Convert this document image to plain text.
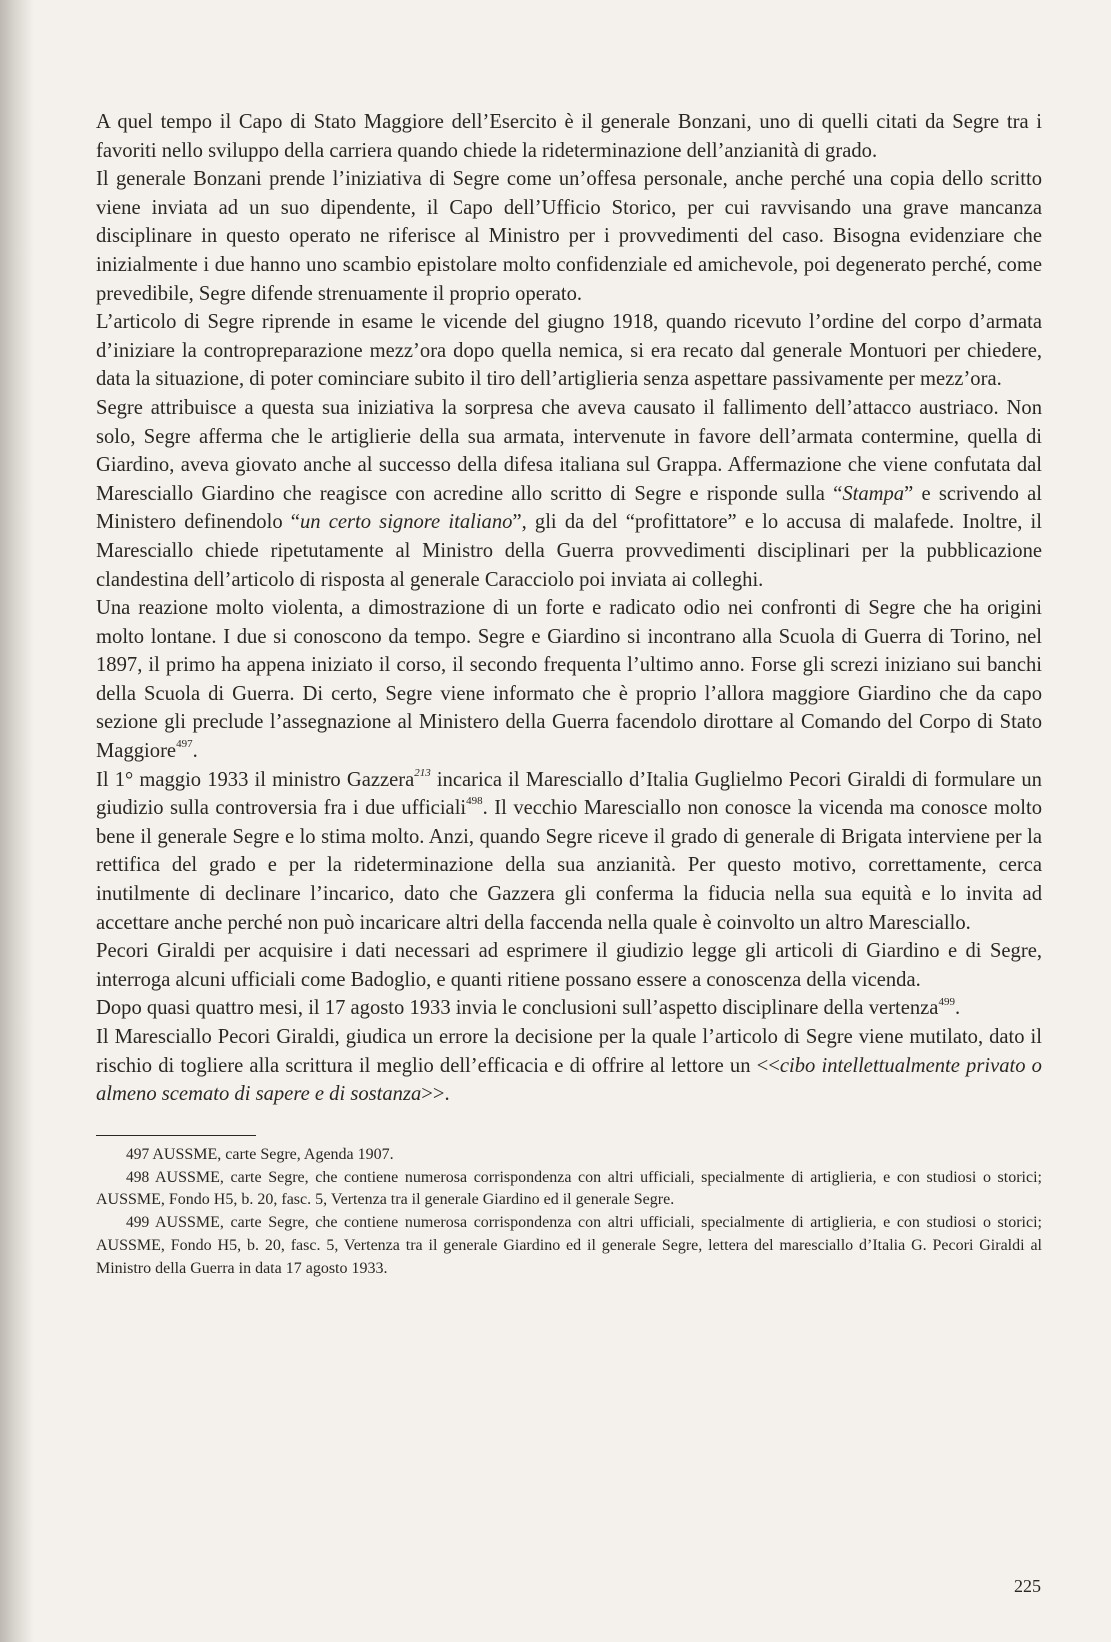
A quel tempo il Capo di Stato Maggiore dell’Esercito è il generale Bonzani, uno di quelli citati da Segre tra i favoriti nello sviluppo della carriera quando chiede la rideterminazione dell’anzianità di grado.

Il generale Bonzani prende l’iniziativa di Segre come un’offesa personale, anche perché una copia dello scritto viene inviata ad un suo dipendente, il Capo dell’Ufficio Storico, per cui ravvisando una grave mancanza disciplinare in questo operato ne riferisce al Ministro per i provvedimenti del caso. Bisogna evidenziare che inizialmente i due hanno uno scambio epistolare molto confidenziale ed amichevole, poi degenerato perché, come prevedibile, Segre difende strenuamente il proprio operato.

L’articolo di Segre riprende in esame le vicende del giugno 1918, quando ricevuto l’ordine del corpo d’armata d’iniziare la contropreparazione mezz’ora dopo quella nemica, si era recato dal generale Montuori per chiedere, data la situazione, di poter cominciare subito il tiro dell’artiglieria senza aspettare passivamente per mezz’ora.

Segre attribuisce a questa sua iniziativa la sorpresa che aveva causato il fallimento dell’attacco austriaco. Non solo, Segre afferma che le artiglierie della sua armata, intervenute in favore dell’armata contermine, quella di Giardino, aveva giovato anche al successo della difesa italiana sul Grappa. Affermazione che viene confutata dal Maresciallo Giardino che reagisce con acredine allo scritto di Segre e risponde sulla “Stampa” e scrivendo al Ministero definendolo “un certo signore italiano”, gli da del “profittatore” e lo accusa di malafede. Inoltre, il Maresciallo chiede ripetutamente al Ministro della Guerra provvedimenti disciplinari per la pubblicazione clandestina dell’articolo di risposta al generale Caracciolo poi inviata ai colleghi.

Una reazione molto violenta, a dimostrazione di un forte e radicato odio nei confronti di Segre che ha origini molto lontane. I due si conoscono da tempo. Segre e Giardino si incontrano alla Scuola di Guerra di Torino, nel 1897, il primo ha appena iniziato il corso, il secondo frequenta l’ultimo anno. Forse gli screzi iniziano sui banchi della Scuola di Guerra. Di certo, Segre viene informato che è proprio l’allora maggiore Giardino che da capo sezione gli preclude l’assegnazione al Ministero della Guerra facendolo dirottare al Comando del Corpo di Stato Maggiore$^{497}$.

Il 1° maggio 1933 il ministro Gazzera$^{213}$ incarica il Maresciallo d’Italia Guglielmo Pecori Giraldi di formulare un giudizio sulla controversia fra i due ufficiali$^{498}$. Il vecchio Maresciallo non conosce la vicenda ma conosce molto bene il generale Segre e lo stima molto. Anzi, quando Segre riceve il grado di generale di Brigata interviene per la rettifica del grado e per la rideterminazione della sua anzianità. Per questo motivo, correttamente, cerca inutilmente di declinare l’incarico, dato che Gazzera gli conferma la fiducia nella sua equità e lo invita ad accettare anche perché non può incaricare altri della faccenda nella quale è coinvolto un altro Maresciallo.

Pecori Giraldi per acquisire i dati necessari ad esprimere il giudizio legge gli articoli di Giardino e di Segre, interroga alcuni ufficiali come Badoglio, e quanti ritiene possano essere a conoscenza della vicenda.

Dopo quasi quattro mesi, il 17 agosto 1933 invia le conclusioni sull’aspetto disciplinare della vertenza$^{499}$.

Il Maresciallo Pecori Giraldi, giudica un errore la decisione per la quale l’articolo di Segre viene mutilato, dato il rischio di togliere alla scrittura il meglio dell’efficacia e di offrire al lettore un <<cibo intellettualmente privato o almeno scemato di sapere e di sostanza>>.

497 AUSSME, carte Segre, Agenda 1907.

498 AUSSME, carte Segre, che contiene numerosa corrispondenza con altri ufficiali, specialmente di artiglieria, e con studiosi o storici; AUSSME, Fondo H5, b. 20, fasc. 5, Vertenza tra il generale Giardino ed il generale Segre.

499 AUSSME, carte Segre, che contiene numerosa corrispondenza con altri ufficiali, specialmente di artiglieria, e con studiosi o storici; AUSSME, Fondo H5, b. 20, fasc. 5, Vertenza tra il generale Giardino ed il generale Segre, lettera del maresciallo d’Italia G. Pecori Giraldi al Ministro della Guerra in data 17 agosto 1933.

225
